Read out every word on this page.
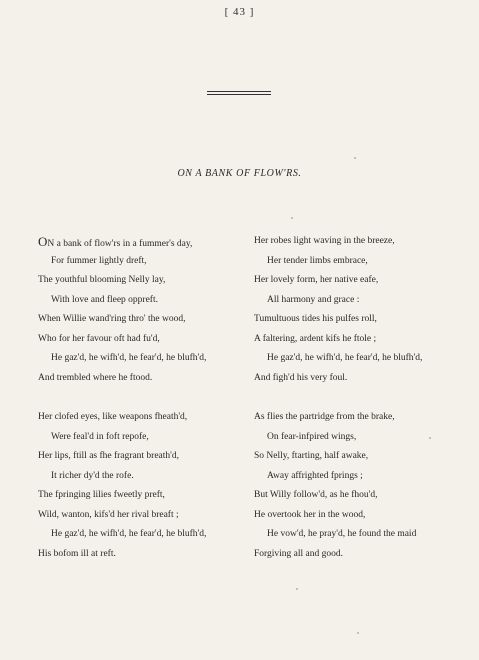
[ 43 ]
ON A BANK OF FLOW'RS.
ON a bank of flow'rs in a fummer's day,
For fummer lightly dreft,
The youthful blooming Nelly lay,
With love and fleep oppreft.
When Willie wand'ring thro' the wood,
Who for her favour oft had fu'd,
He gaz'd, he wifh'd, he fear'd, he blufh'd,
And trembled where he ftood.
Her clofed eyes, like weapons fheath'd,
Were feal'd in foft repofe,
Her lips, ftill as fhe fragrant breath'd,
It richer dy'd the rofe.
The fpringing lilies fweetly preft,
Wild, wanton, kifs'd her rival breaft ;
He gaz'd, he wifh'd, he fear'd, he blufh'd,
His bofom ill at reft.
Her robes light waving in the breeze,
Her tender limbs embrace,
Her lovely form, her native eafe,
All harmony and grace :
Tumultuous tides his pulfes roll,
A faltering, ardent kifs he ftole ;
He gaz'd, he wifh'd, he fear'd, he blufh'd,
And figh'd his very foul.
As flies the partridge from the brake,
On fear-infpired wings,
So Nelly, ftarting, half awake,
Away affrighted fprings ;
But Willy follow'd, as he fhou'd,
He overtook her in the wood,
He vow'd, he pray'd, he found the maid
Forgiving all and good.
